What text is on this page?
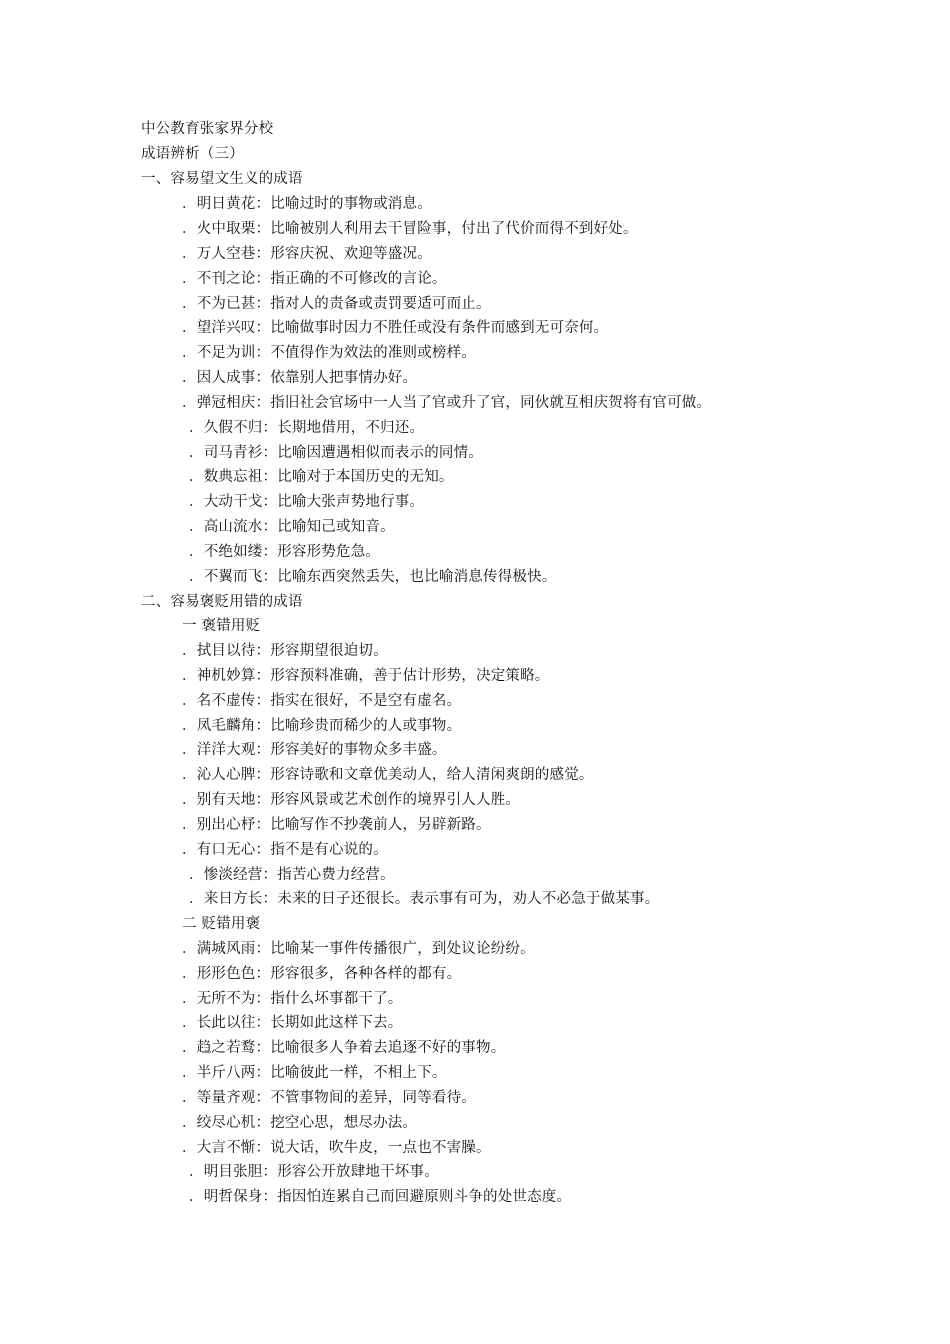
中公教育张家界分校
成语辨析（三）
一、容易望文生义的成语
．明日黄花：比喻过时的事物或消息。
．火中取栗：比喻被别人利用去干冒险事，付出了代价而得不到好处。
．万人空巷：形容庆祝、欢迎等盛况。
．不刊之论：指正确的不可修改的言论。
．不为已甚：指对人的责备或责罚要适可而止。
．望洋兴叹：比喻做事时因力不胜任或没有条件而感到无可奈何。
．不足为训：不值得作为效法的准则或榜样。
．因人成事：依靠别人把事情办好。
．弹冠相庆：指旧社会官场中一人当了官或升了官，同伙就互相庆贺将有官可做。
．久假不归：长期地借用，不归还。
．司马青衫：比喻因遭遇相似而表示的同情。
．数典忘祖：比喻对于本国历史的无知。
．大动干戈：比喻大张声势地行事。
．高山流水：比喻知己或知音。
．不绝如缕：形容形势危急。
．不翼而飞：比喻东西突然丢失，也比喻消息传得极快。
二、容易褒贬用错的成语
一 褒错用贬
．拭目以待：形容期望很迫切。
．神机妙算：形容预料准确，善于估计形势，决定策略。
．名不虚传：指实在很好，不是空有虚名。
．凤毛麟角：比喻珍贵而稀少的人或事物。
．洋洋大观：形容美好的事物众多丰盛。
．沁人心脾：形容诗歌和文章优美动人，给人清闲爽朗的感觉。
．别有天地：形容风景或艺术创作的境界引人人胜。
．别出心杼：比喻写作不抄袭前人，另辟新路。
．有口无心：指不是有心说的。
．惨淡经营：指苦心费力经营。
．来日方长：未来的日子还很长。表示事有可为，劝人不必急于做某事。
二 贬错用褒
．满城风雨：比喻某一事件传播很广，到处议论纷纷。
．形形色色：形容很多，各种各样的都有。
．无所不为：指什么坏事都干了。
．长此以往：长期如此这样下去。
．趋之若鹜：比喻很多人争着去追逐不好的事物。
．半斤八两：比喻彼此一样，不相上下。
．等量齐观：不管事物间的差异，同等看待。
．绞尽心机：挖空心思，想尽办法。
．大言不惭：说大话，吹牛皮，一点也不害臊。
．明目张胆：形容公开放肆地干坏事。
．明哲保身：指因怕连累自己而回避原则斗争的处世态度。
